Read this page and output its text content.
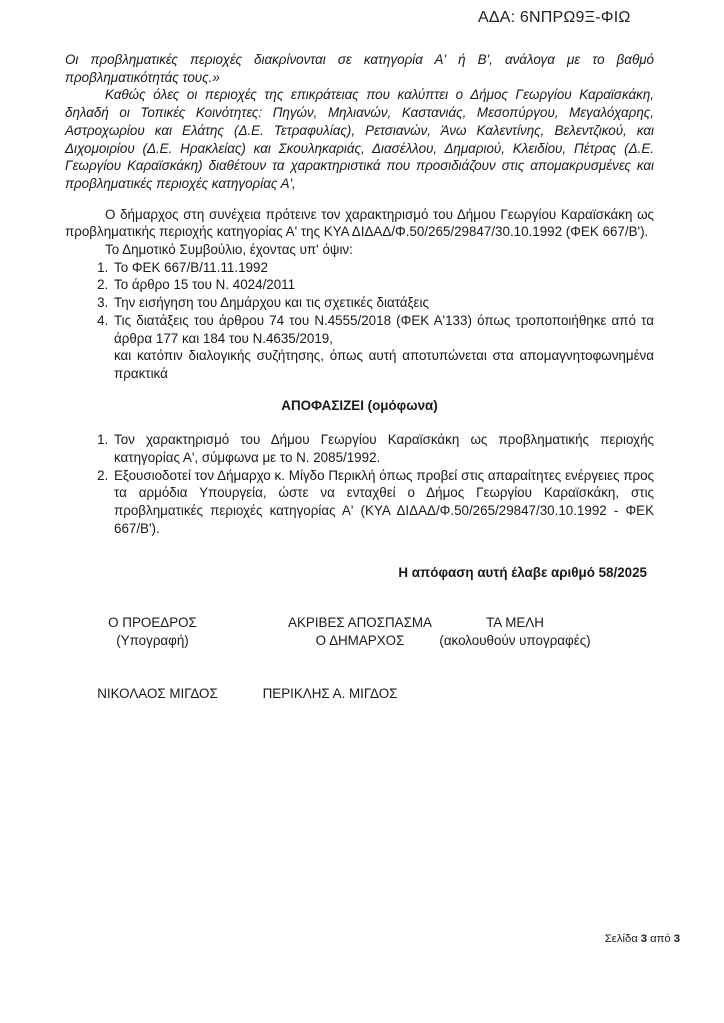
ΑΔΑ: 6ΝΠΡΩ9Ξ-ΦΙΩ

Οι προβληματικές περιοχές διακρίνονται σε κατηγορία Α' ή Β', ανάλογα με το βαθμό προβληματικότητάς τους.»

Καθώς όλες οι περιοχές της επικράτειας που καλύπτει ο Δήμος Γεωργίου Καραϊσκάκη, δηλαδή οι Τοπικές Κοινότητες: Πηγών, Μηλιανών, Καστανιάς, Μεσοπύργου, Μεγαλόχαρης, Αστροχωρίου και Ελάτης (Δ.Ε. Τετραφυλίας), Ρετσιανών, Άνω Καλεντίνης, Βελεντζικού, και Διχομοιρίου (Δ.Ε. Ηρακλείας) και Σκουληκαριάς, Διασέλλου, Δημαριού, Κλειδίου, Πέτρας (Δ.Ε. Γεωργίου Καραϊσκάκη) διαθέτουν τα χαρακτηριστικά που προσιδιάζουν στις απομακρυσμένες και προβληματικές περιοχές κατηγορίας Α',

Ο δήμαρχος στη συνέχεια πρότεινε τον χαρακτηρισμό του Δήμου Γεωργίου Καραϊσκάκη ως προβληματικής περιοχής κατηγορίας Α' της ΚΥΑ ΔΙΔΑΔ/Φ.50/265/29847/30.10.1992 (ΦΕΚ 667/Β').

Το Δημοτικό Συμβούλιο, έχοντας υπ' όψιν:
1. Το ΦΕΚ 667/Β/11.11.1992
2. Το άρθρο 15 του Ν. 4024/2011
3. Την εισήγηση του Δημάρχου και τις σχετικές διατάξεις
4. Τις διατάξεις του άρθρου 74 του Ν.4555/2018 (ΦΕΚ Α'133) όπως τροποποιήθηκε από τα άρθρα 177 και 184 του Ν.4635/2019,
και κατόπιν διαλογικής συζήτησης, όπως αυτή αποτυπώνεται στα απομαγνητοφωνημένα πρακτικά
ΑΠΟΦΑΣΙΖΕΙ (ομόφωνα)
1. Τον χαρακτηρισμό του Δήμου Γεωργίου Καραϊσκάκη ως προβληματικής περιοχής κατηγορίας Α', σύμφωνα με το Ν. 2085/1992.
2. Εξουσιοδοτεί τον Δήμαρχο κ. Μίγδο Περικλή όπως προβεί στις απαραίτητες ενέργειες προς τα αρμόδια Υπουργεία, ώστε να ενταχθεί ο Δήμος Γεωργίου Καραϊσκάκη, στις προβληματικές περιοχές κατηγορίας Α' (ΚΥΑ ΔΙΔΑΔ/Φ.50/265/29847/30.10.1992 - ΦΕΚ 667/Β').
Η απόφαση αυτή έλαβε αριθμό 58/2025
Ο ΠΡΟΕΔΡΟΣ
(Υπογραφή)
ΑΚΡΙΒΕΣ ΑΠΟΣΠΑΣΜΑ
Ο ΔΗΜΑΡΧΟΣ
ΤΑ ΜΕΛΗ
(ακολουθούν υπογραφές)
ΝΙΚΟΛΑΟΣ ΜΙΓΔΟΣ	ΠΕΡΙΚΛΗΣ Α. ΜΙΓΔΟΣ
Σελίδα 3 από 3
